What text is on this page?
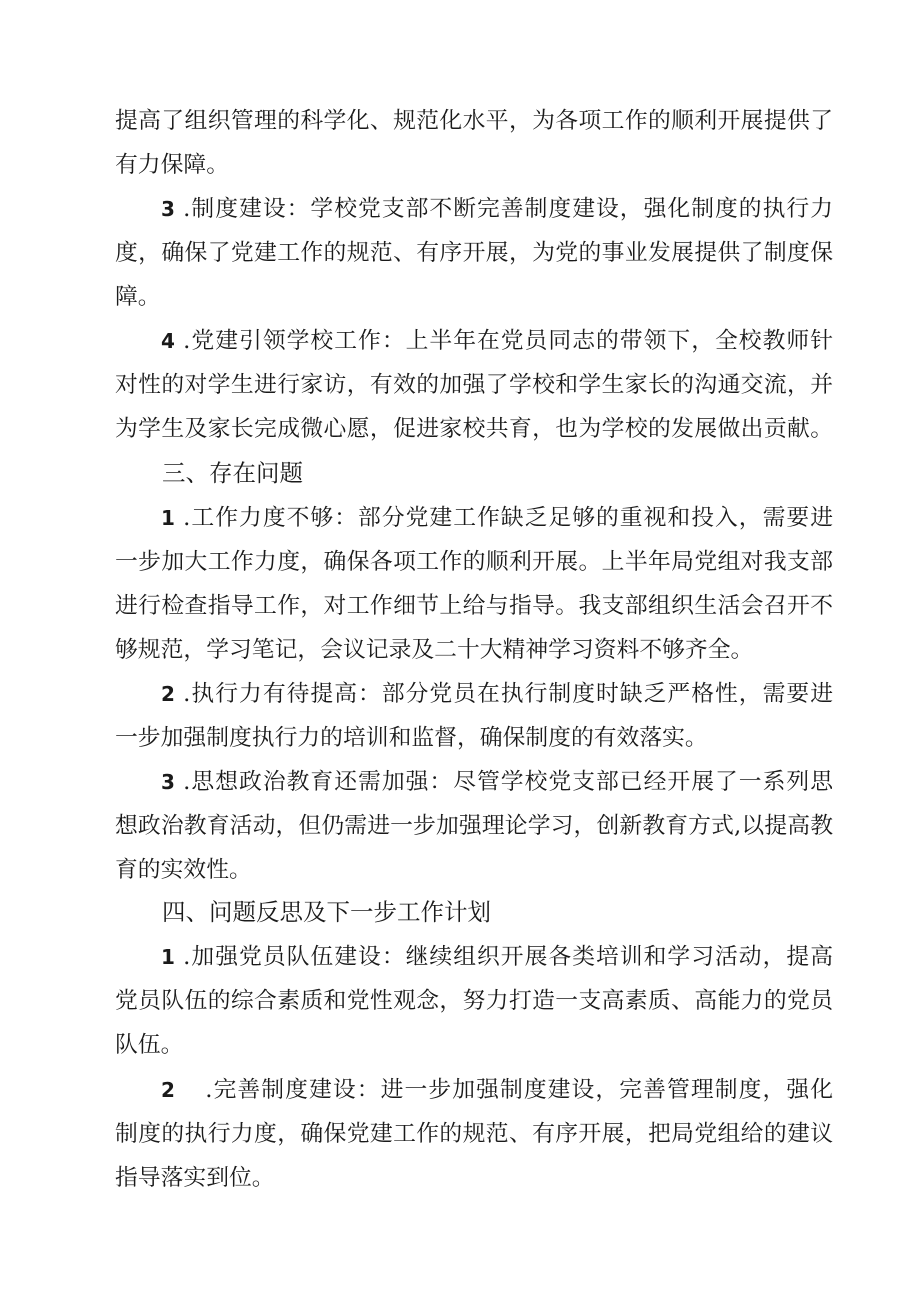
提高了组织管理的科学化、规范化水平，为各项工作的顺利开展提供了
有力保障。
3 .制度建设：学校党支部不断完善制度建设，强化制度的执行力
度，确保了党建工作的规范、有序开展，为党的事业发展提供了制度保
障。
4 .党建引领学校工作：上半年在党员同志的带领下，全校教师针
对性的对学生进行家访，有效的加强了学校和学生家长的沟通交流，并
为学生及家长完成微心愿，促进家校共育，也为学校的发展做出贡献。
三、存在问题
1 .工作力度不够：部分党建工作缺乏足够的重视和投入，需要进
一步加大工作力度，确保各项工作的顺利开展。上半年局党组对我支部
进行检查指导工作，对工作细节上给与指导。我支部组织生活会召开不
够规范，学习笔记，会议记录及二十大精神学习资料不够齐全。
2 .执行力有待提高：部分党员在执行制度时缺乏严格性，需要进
一步加强制度执行力的培训和监督，确保制度的有效落实。
3 .思想政治教育还需加强：尽管学校党支部已经开展了一系列思
想政治教育活动，但仍需进一步加强理论学习，创新教育方式,以提高教
育的实效性。
四、问题反思及下一步工作计划
1 .加强党员队伍建设：继续组织开展各类培训和学习活动，提高
党员队伍的综合素质和党性观念，努力打造一支高素质、高能力的党员
队伍。
2 .完善制度建设：进一步加强制度建设，完善管理制度，强化
制度的执行力度，确保党建工作的规范、有序开展，把局党组给的建议
指导落实到位。
